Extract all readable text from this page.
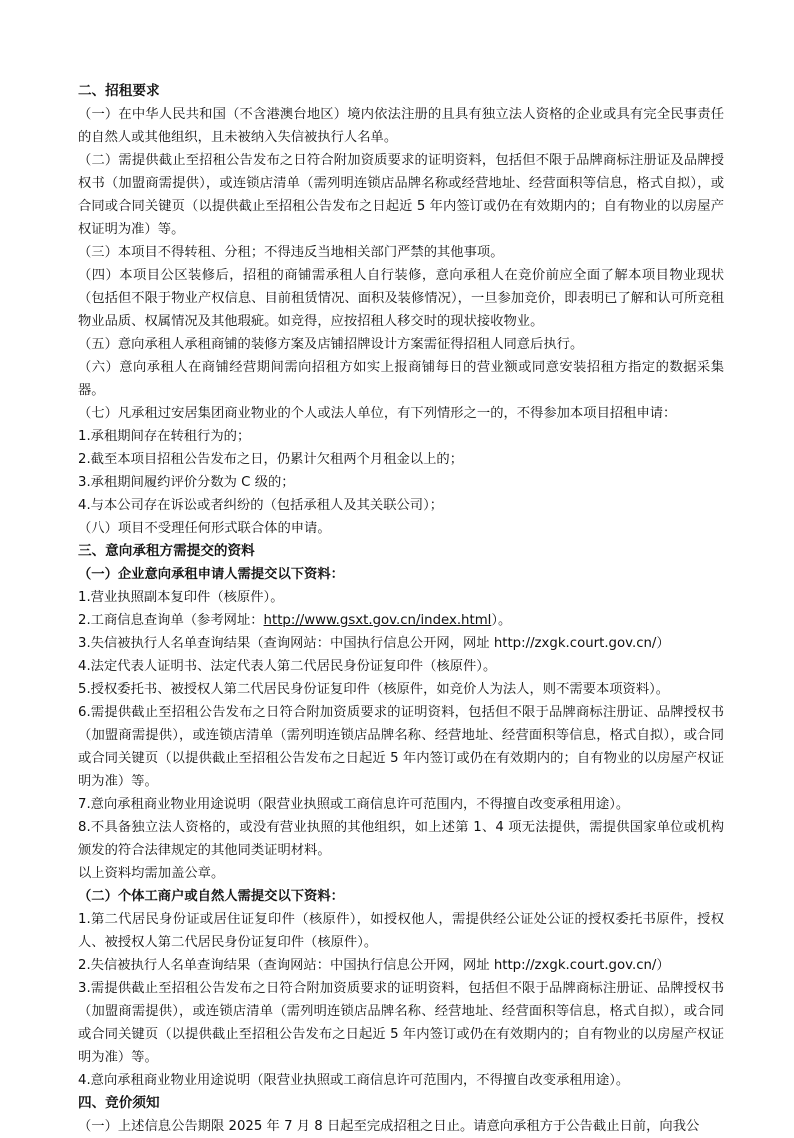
二、招租要求

（一）在中华人民共和国（不含港澳台地区）境内依法注册的且具有独立法人资格的企业或具有完全民事责任的自然人或其他组织，且未被纳入失信被执行人名单。

（二）需提供截止至招租公告发布之日符合附加资质要求的证明资料，包括但不限于品牌商标注册证及品牌授权书（加盟商需提供），或连锁店清单（需列明连锁店品牌名称或经营地址、经营面积等信息，格式自拟），或合同或合同关键页（以提供截止至招租公告发布之日起近 5 年内签订或仍在有效期内的；自有物业的以房屋产权证明为准）等。

（三）本项目不得转租、分租；不得违反当地相关部门严禁的其他事项。

（四）本项目公区装修后，招租的商铺需承租人自行装修，意向承租人在竞价前应全面了解本项目物业现状（包括但不限于物业产权信息、目前租赁情况、面积及装修情况），一旦参加竞价，即表明已了解和认可所竞租物业品质、权属情况及其他瑕疵。如竞得，应按招租人移交时的现状接收物业。

（五）意向承租人承租商铺的装修方案及店铺招牌设计方案需征得招租人同意后执行。

（六）意向承租人在商铺经营期间需向招租方如实上报商铺每日的营业额或同意安装招租方指定的数据采集器。

（七）凡承租过安居集团商业物业的个人或法人单位，有下列情形之一的，不得参加本项目招租申请：

1.承租期间存在转租行为的；

2.截至本项目招租公告发布之日，仍累计欠租两个月租金以上的；

3.承租期间履约评价分数为 C 级的；

4.与本公司存在诉讼或者纠纷的（包括承租人及其关联公司）；

（八）项目不受理任何形式联合体的申请。

三、意向承租方需提交的资料

（一）企业意向承租申请人需提交以下资料：

1.营业执照副本复印件（核原件）。

2.工商信息查询单（参考网址：http://www.gsxt.gov.cn/index.html）。

3.失信被执行人名单查询结果（查询网站：中国执行信息公开网，网址 http://zxgk.court.gov.cn/）

4.法定代表人证明书、法定代表人第二代居民身份证复印件（核原件）。

5.授权委托书、被授权人第二代居民身份证复印件（核原件，如竞价人为法人，则不需要本项资料）。

6.需提供截止至招租公告发布之日符合附加资质要求的证明资料，包括但不限于品牌商标注册证、品牌授权书（加盟商需提供），或连锁店清单（需列明连锁店品牌名称、经营地址、经营面积等信息，格式自拟），或合同或合同关键页（以提供截止至招租公告发布之日起近 5 年内签订或仍在有效期内的；自有物业的以房屋产权证明为准）等。

7.意向承租商业物业用途说明（限营业执照或工商信息许可范围内，不得擅自改变承租用途）。

8.不具备独立法人资格的，或没有营业执照的其他组织，如上述第 1、4 项无法提供，需提供国家单位或机构颁发的符合法律规定的其他同类证明材料。

以上资料均需加盖公章。

（二）个体工商户或自然人需提交以下资料：

1.第二代居民身份证或居住证复印件（核原件），如授权他人，需提供经公证处公证的授权委托书原件，授权人、被授权人第二代居民身份证复印件（核原件）。

2.失信被执行人名单查询结果（查询网站：中国执行信息公开网，网址 http://zxgk.court.gov.cn/）

3.需提供截止至招租公告发布之日符合附加资质要求的证明资料，包括但不限于品牌商标注册证、品牌授权书（加盟商需提供），或连锁店清单（需列明连锁店品牌名称、经营地址、经营面积等信息，格式自拟），或合同或合同关键页（以提供截止至招租公告发布之日起近 5 年内签订或仍在有效期内的；自有物业的以房屋产权证明为准）等。

4.意向承租商业物业用途说明（限营业执照或工商信息许可范围内，不得擅自改变承租用途）。

四、竞价须知

（一）上述信息公告期限 2025 年 7 月 8 日起至完成招租之日止。请意向承租方于公告截止日前，向我公
